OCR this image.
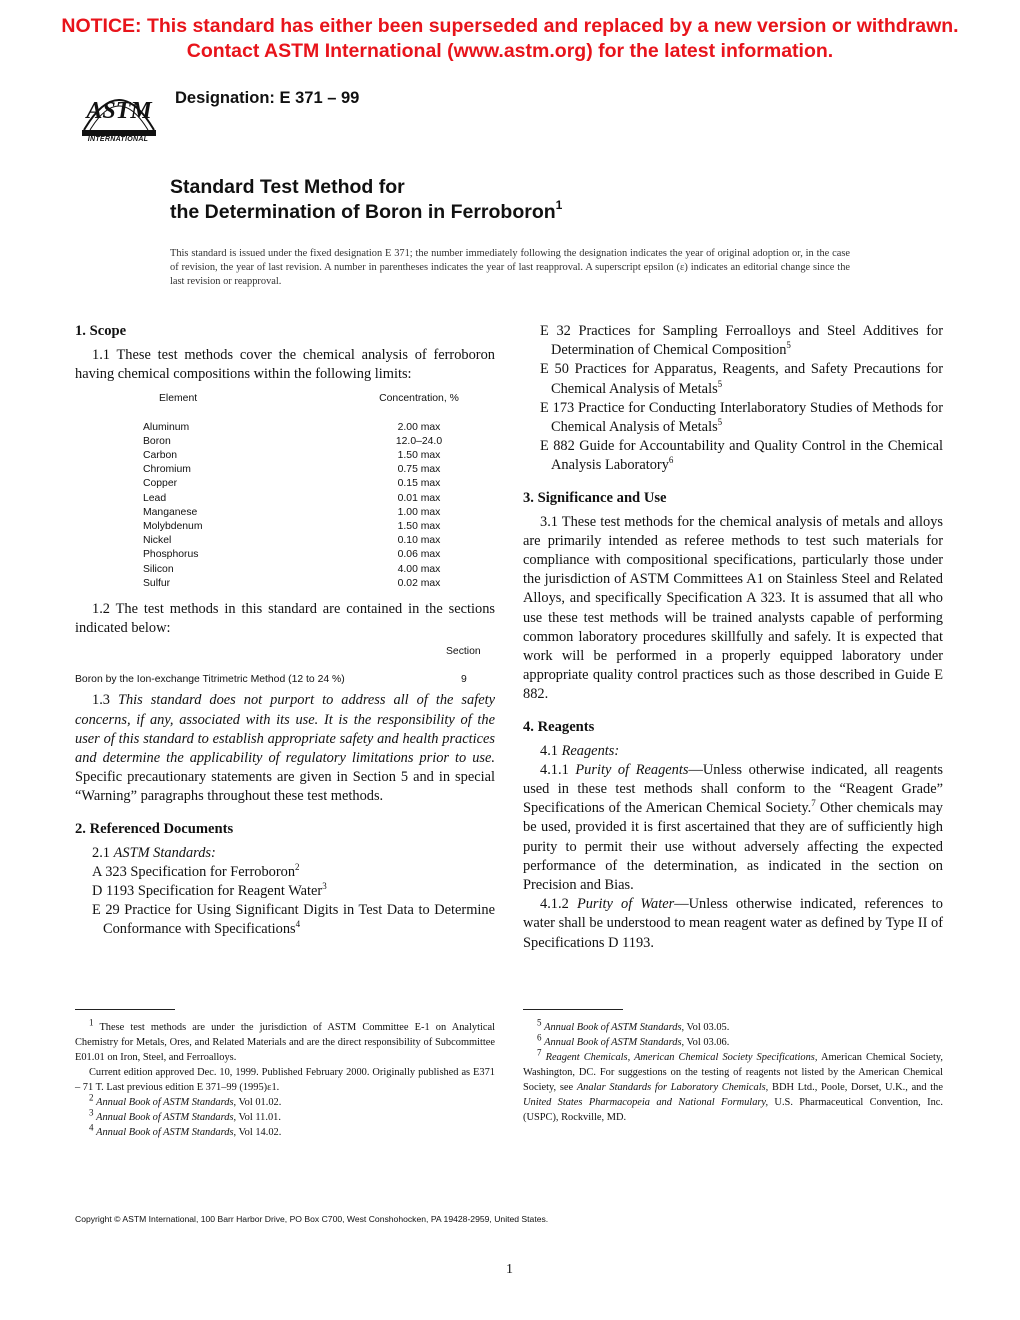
NOTICE: This standard has either been superseded and replaced by a new version or withdrawn.
Contact ASTM International (www.astm.org) for the latest information.
ASTM
INTERNATIONAL
Designation: E 371 – 99
Standard Test Method for
the Determination of Boron in Ferroboron$^1$
This standard is issued under the fixed designation E 371; the number immediately following the designation indicates the year of original adoption or, in the case of revision, the year of last revision. A number in parentheses indicates the year of last reapproval. A superscript epsilon (ε) indicates an editorial change since the last revision or reapproval.
1. Scope

1.1 These test methods cover the chemical analysis of ferroboron having chemical compositions within the following limits:

Element	Concentration, %
Aluminum	2.00 max
Boron	12.0–24.0
Carbon	1.50 max
Chromium	0.75 max
Copper	0.15 max
Lead	0.01 max
Manganese	1.00 max
Molybdenum	1.50 max
Nickel	0.10 max
Phosphorus	0.06 max
Silicon	4.00 max
Sulfur	0.02 max

1.2 The test methods in this standard are contained in the sections indicated below:

Section
Boron by the Ion-exchange Titrimetric Method (12 to 24 %)	9

1.3 This standard does not purport to address all of the safety concerns, if any, associated with its use. It is the responsibility of the user of this standard to establish appropriate safety and health practices and determine the applicability of regulatory limitations prior to use. Specific precautionary statements are given in Section 5 and in special “Warning” paragraphs throughout these test methods.

2. Referenced Documents

2.1 ASTM Standards:

A 323 Specification for Ferroboron$^2$

D 1193 Specification for Reagent Water$^3$

E 29 Practice for Using Significant Digits in Test Data to Determine Conformance with Specifications$^4$

E 32 Practices for Sampling Ferroalloys and Steel Additives for Determination of Chemical Composition$^5$

E 50 Practices for Apparatus, Reagents, and Safety Precautions for Chemical Analysis of Metals$^5$

E 173 Practice for Conducting Interlaboratory Studies of Methods for Chemical Analysis of Metals$^5$

E 882 Guide for Accountability and Quality Control in the Chemical Analysis Laboratory$^6$

3. Significance and Use

3.1 These test methods for the chemical analysis of metals and alloys are primarily intended as referee methods to test such materials for compliance with compositional specifications, particularly those under the jurisdiction of ASTM Committees A1 on Stainless Steel and Related Alloys, and specifically Specification A 323. It is assumed that all who use these test methods will be trained analysts capable of performing common laboratory procedures skillfully and safely. It is expected that work will be performed in a properly equipped laboratory under appropriate quality control practices such as those described in Guide E 882.

4. Reagents

4.1 Reagents:

4.1.1 Purity of Reagents—Unless otherwise indicated, all reagents used in these test methods shall conform to the “Reagent Grade” Specifications of the American Chemical Society.$^7$ Other chemicals may be used, provided it is first ascertained that they are of sufficiently high purity to permit their use without adversely affecting the expected performance of the determination, as indicated in the section on Precision and Bias.

4.1.2 Purity of Water—Unless otherwise indicated, references to water shall be understood to mean reagent water as defined by Type II of Specifications D 1193.

$^1$ These test methods are under the jurisdiction of ASTM Committee E-1 on Analytical Chemistry for Metals, Ores, and Related Materials and are the direct responsibility of Subcommittee E01.01 on Iron, Steel, and Ferroalloys.

Current edition approved Dec. 10, 1999. Published February 2000. Originally published as E371 – 71 T. Last previous edition E 371–99 (1995)ε1.

$^2$ Annual Book of ASTM Standards, Vol 01.02.

$^3$ Annual Book of ASTM Standards, Vol 11.01.

$^4$ Annual Book of ASTM Standards, Vol 14.02.

$^5$ Annual Book of ASTM Standards, Vol 03.05.

$^6$ Annual Book of ASTM Standards, Vol 03.06.

$^7$ Reagent Chemicals, American Chemical Society Specifications, American Chemical Society, Washington, DC. For suggestions on the testing of reagents not listed by the American Chemical Society, see Analar Standards for Laboratory Chemicals, BDH Ltd., Poole, Dorset, U.K., and the United States Pharmacopeia and National Formulary, U.S. Pharmaceutical Convention, Inc. (USPC), Rockville, MD.

Copyright © ASTM International, 100 Barr Harbor Drive, PO Box C700, West Conshohocken, PA 19428-2959, United States.
1
